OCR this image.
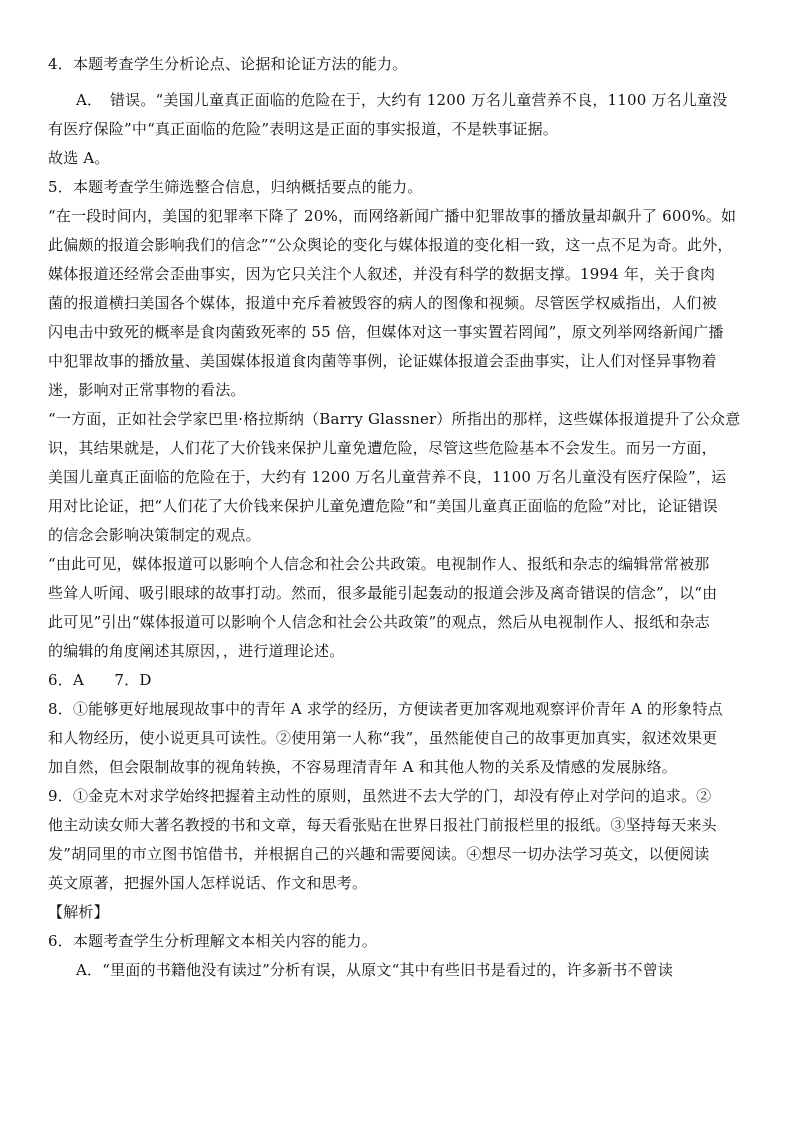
4．本题考查学生分析论点、论据和论证方法的能力。
A．　错误。“美国儿童真正面临的危险在于，大约有 1200 万名儿童营养不良，1100 万名儿童没
有医疗保险”中“真正面临的危险”表明这是正面的事实报道，不是轶事证据。
故选 A。
5．本题考查学生筛选整合信息，归纳概括要点的能力。
“在一段时间内，美国的犯罪率下降了 20%，而网络新闻广播中犯罪故事的播放量却飙升了 600%。如
此偏颇的报道会影响我们的信念”“公众舆论的变化与媒体报道的变化相一致，这一点不足为奇。此外，
媒体报道还经常会歪曲事实，因为它只关注个人叙述，并没有科学的数据支撑。1994 年，关于食肉
菌的报道横扫美国各个媒体，报道中充斥着被毁容的病人的图像和视频。尽管医学权威指出，人们被
闪电击中致死的概率是食肉菌致死率的 55 倍，但媒体对这一事实置若罔闻”，原文列举网络新闻广播
中犯罪故事的播放量、美国媒体报道食肉菌等事例，论证媒体报道会歪曲事实，让人们对怪异事物着
迷，影响对正常事物的看法。
“一方面，正如社会学家巴里·格拉斯纳（Barry Glassner）所指出的那样，这些媒体报道提升了公众意
识，其结果就是，人们花了大价钱来保护儿童免遭危险，尽管这些危险基本不会发生。而另一方面，
美国儿童真正面临的危险在于，大约有 1200 万名儿童营养不良，1100 万名儿童没有医疗保险”，运
用对比论证，把“人们花了大价钱来保护儿童免遭危险”和“美国儿童真正面临的危险”对比，论证错误
的信念会影响决策制定的观点。
“由此可见，媒体报道可以影响个人信念和社会公共政策。电视制作人、报纸和杂志的编辑常常被那
些耸人听闻、吸引眼球的故事打动。然而，很多最能引起轰动的报道会涉及离奇错误的信念”，以“由
此可见”引出“媒体报道可以影响个人信念和社会公共政策”的观点，然后从电视制作人、报纸和杂志
的编辑的角度阐述其原因，，进行道理论述。
6．A　　7．D
8．①能够更好地展现故事中的青年 A 求学的经历，方便读者更加客观地观察评价青年 A 的形象特点
和人物经历，使小说更具可读性。②使用第一人称“我”，虽然能使自己的故事更加真实，叙述效果更
加自然，但会限制故事的视角转换，不容易理清青年 A 和其他人物的关系及情感的发展脉络。
9．①金克木对求学始终把握着主动性的原则，虽然进不去大学的门，却没有停止对学问的追求。②
他主动读女师大著名教授的书和文章，每天看张贴在世界日报社门前报栏里的报纸。③坚持每天来头
发”胡同里的市立图书馆借书，并根据自己的兴趣和需要阅读。④想尽一切办法学习英文，以便阅读
英文原著，把握外国人怎样说话、作文和思考。
【解析】
6．本题考查学生分析理解文本相关内容的能力。
A．“里面的书籍他没有读过”分析有误，从原文“其中有些旧书是看过的，许多新书不曾读
